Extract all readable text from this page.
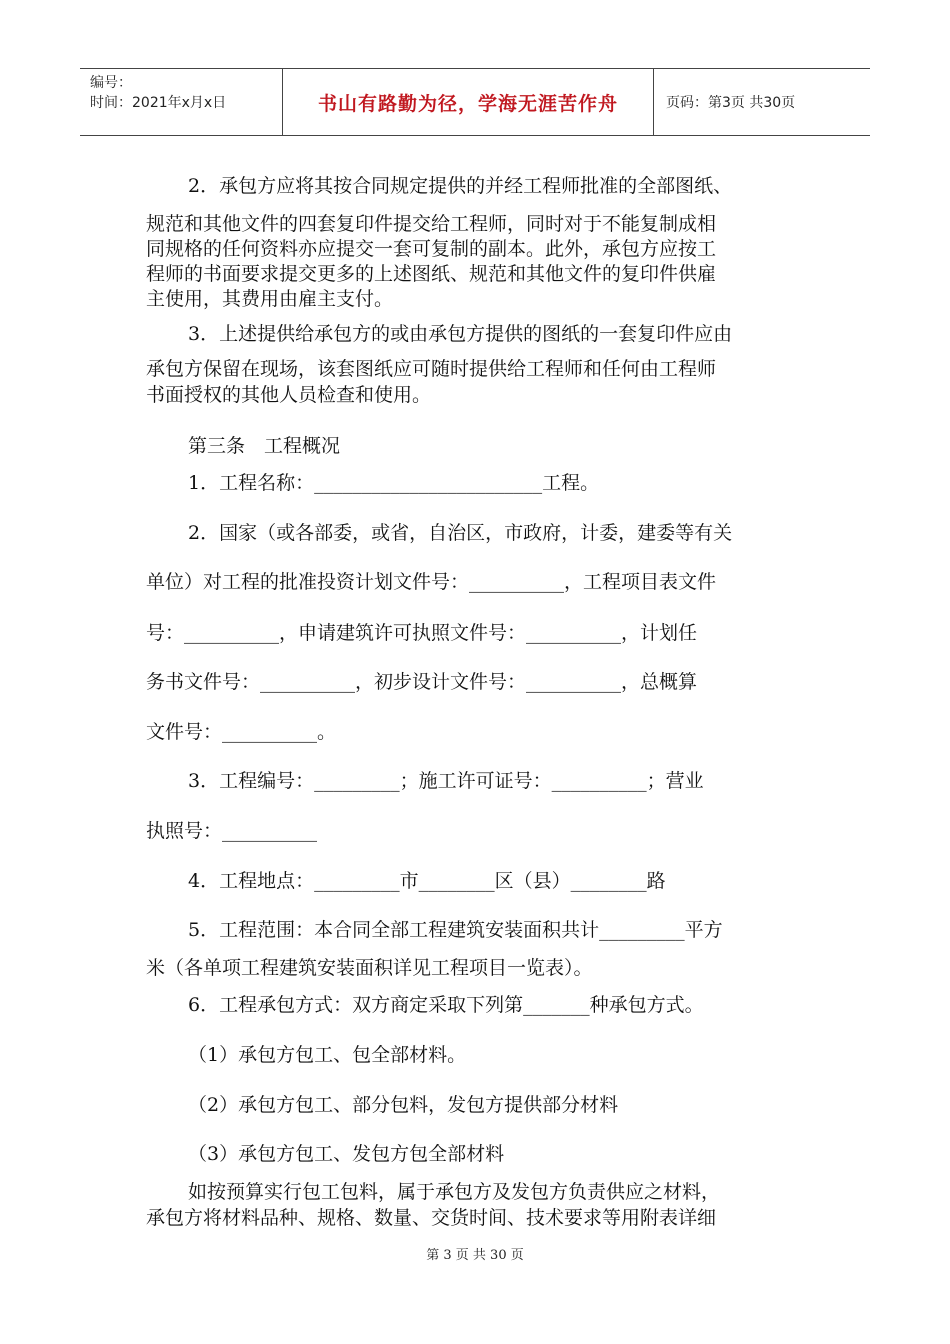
编号：
时间：2021年x月x日	书山有路勤为径，学海无涯苦作舟	页码：第3页 共30页
2．承包方应将其按合同规定提供的并经工程师批准的全部图纸、
规范和其他文件的四套复印件提交给工程师，同时对于不能复制成相
同规格的任何资料亦应提交一套可复制的副本。此外，承包方应按工
程师的书面要求提交更多的上述图纸、规范和其他文件的复印件供雇
主使用，其费用由雇主支付。
3．上述提供给承包方的或由承包方提供的图纸的一套复印件应由
承包方保留在现场，该套图纸应可随时提供给工程师和任何由工程师
书面授权的其他人员检查和使用。
第三条　工程概况
1．工程名称：________________________工程。
2．国家（或各部委，或省，自治区，市政府，计委，建委等有关
单位）对工程的批准投资计划文件号：__________，工程项目表文件
号：__________，申请建筑许可执照文件号：__________，计划任
务书文件号：__________，初步设计文件号：__________，总概算
文件号：__________。
3．工程编号：_________；施工许可证号：__________；营业
执照号：__________
4．工程地点：_________市________区（县）________路
5．工程范围：本合同全部工程建筑安装面积共计_________平方
米（各单项工程建筑安装面积详见工程项目一览表）。
6．工程承包方式：双方商定采取下列第_______种承包方式。
（1）承包方包工、包全部材料。
（2）承包方包工、部分包料，发包方提供部分材料
（3）承包方包工、发包方包全部材料
如按预算实行包工包料，属于承包方及发包方负责供应之材料，
承包方将材料品种、规格、数量、交货时间、技术要求等用附表详细
第 3 页 共 30 页
